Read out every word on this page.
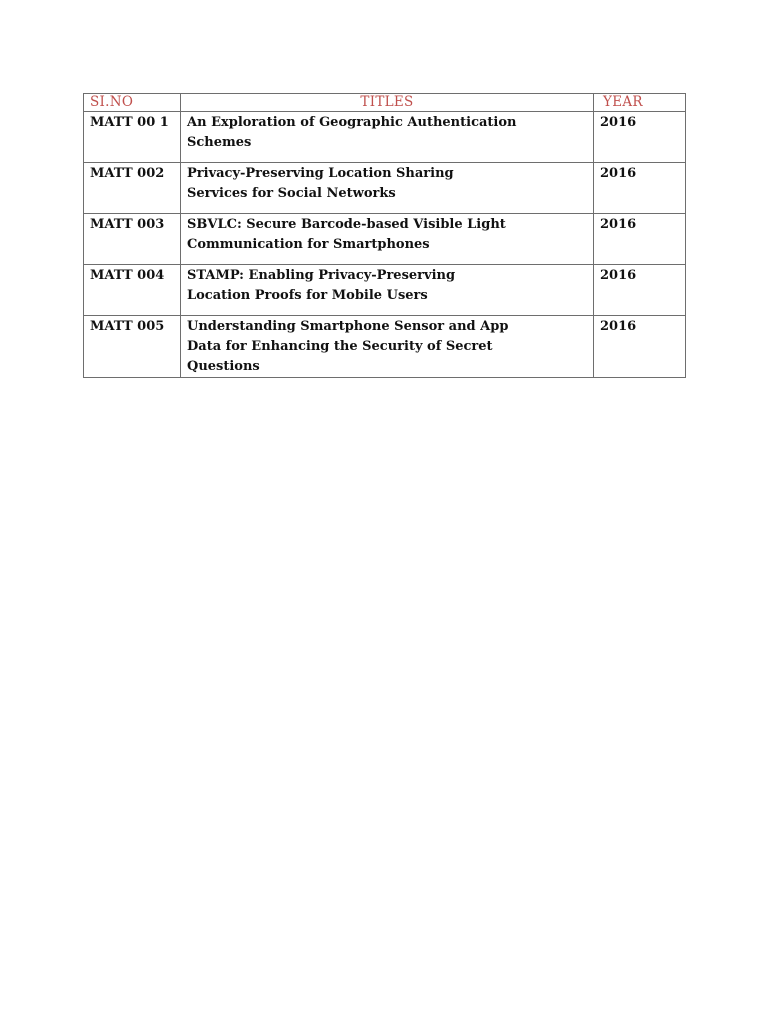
SI.NO	TITLES	YEAR
MATT 00 1	An Exploration of Geographic Authentication Schemes	2016
MATT 002	Privacy-Preserving Location Sharing Services for Social Networks	2016
MATT 003	SBVLC: Secure Barcode-based Visible Light Communication for Smartphones	2016
MATT 004	STAMP: Enabling Privacy-Preserving Location Proofs for Mobile Users	2016
MATT 005	Understanding Smartphone Sensor and App Data for Enhancing the Security of Secret Questions	2016
